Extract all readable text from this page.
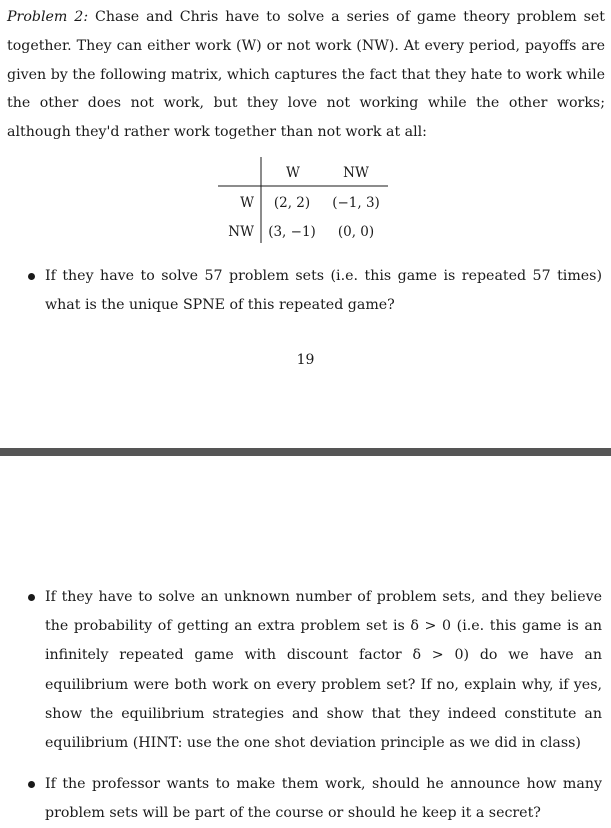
Problem 2: Chase and Chris have to solve a series of game theory problem set together. They can either work (W) or not work (NW). At every period, payoffs are given by the following matrix, which captures the fact that they hate to work while the other does not work, but they love not working while the other works; although they'd rather work together than not work at all:
W	NW
W
NW
(2, 2) (−1, 3)
(3, −1) (0, 0)
If they have to solve 57 problem sets (i.e. this game is repeated 57 times) what is the unique SPNE of this repeated game?
19
If they have to solve an unknown number of problem sets, and they believe the probability of getting an extra problem set is δ > 0 (i.e. this game is an infinitely repeated game with discount factor δ > 0) do we have an equilibrium were both work on every problem set? If no, explain why, if yes, show the equilibrium strategies and show that they indeed constitute an equilibrium (HINT: use the one shot deviation principle as we did in class)
If the professor wants to make them work, should he announce how many problem sets will be part of the course or should he keep it a secret?
